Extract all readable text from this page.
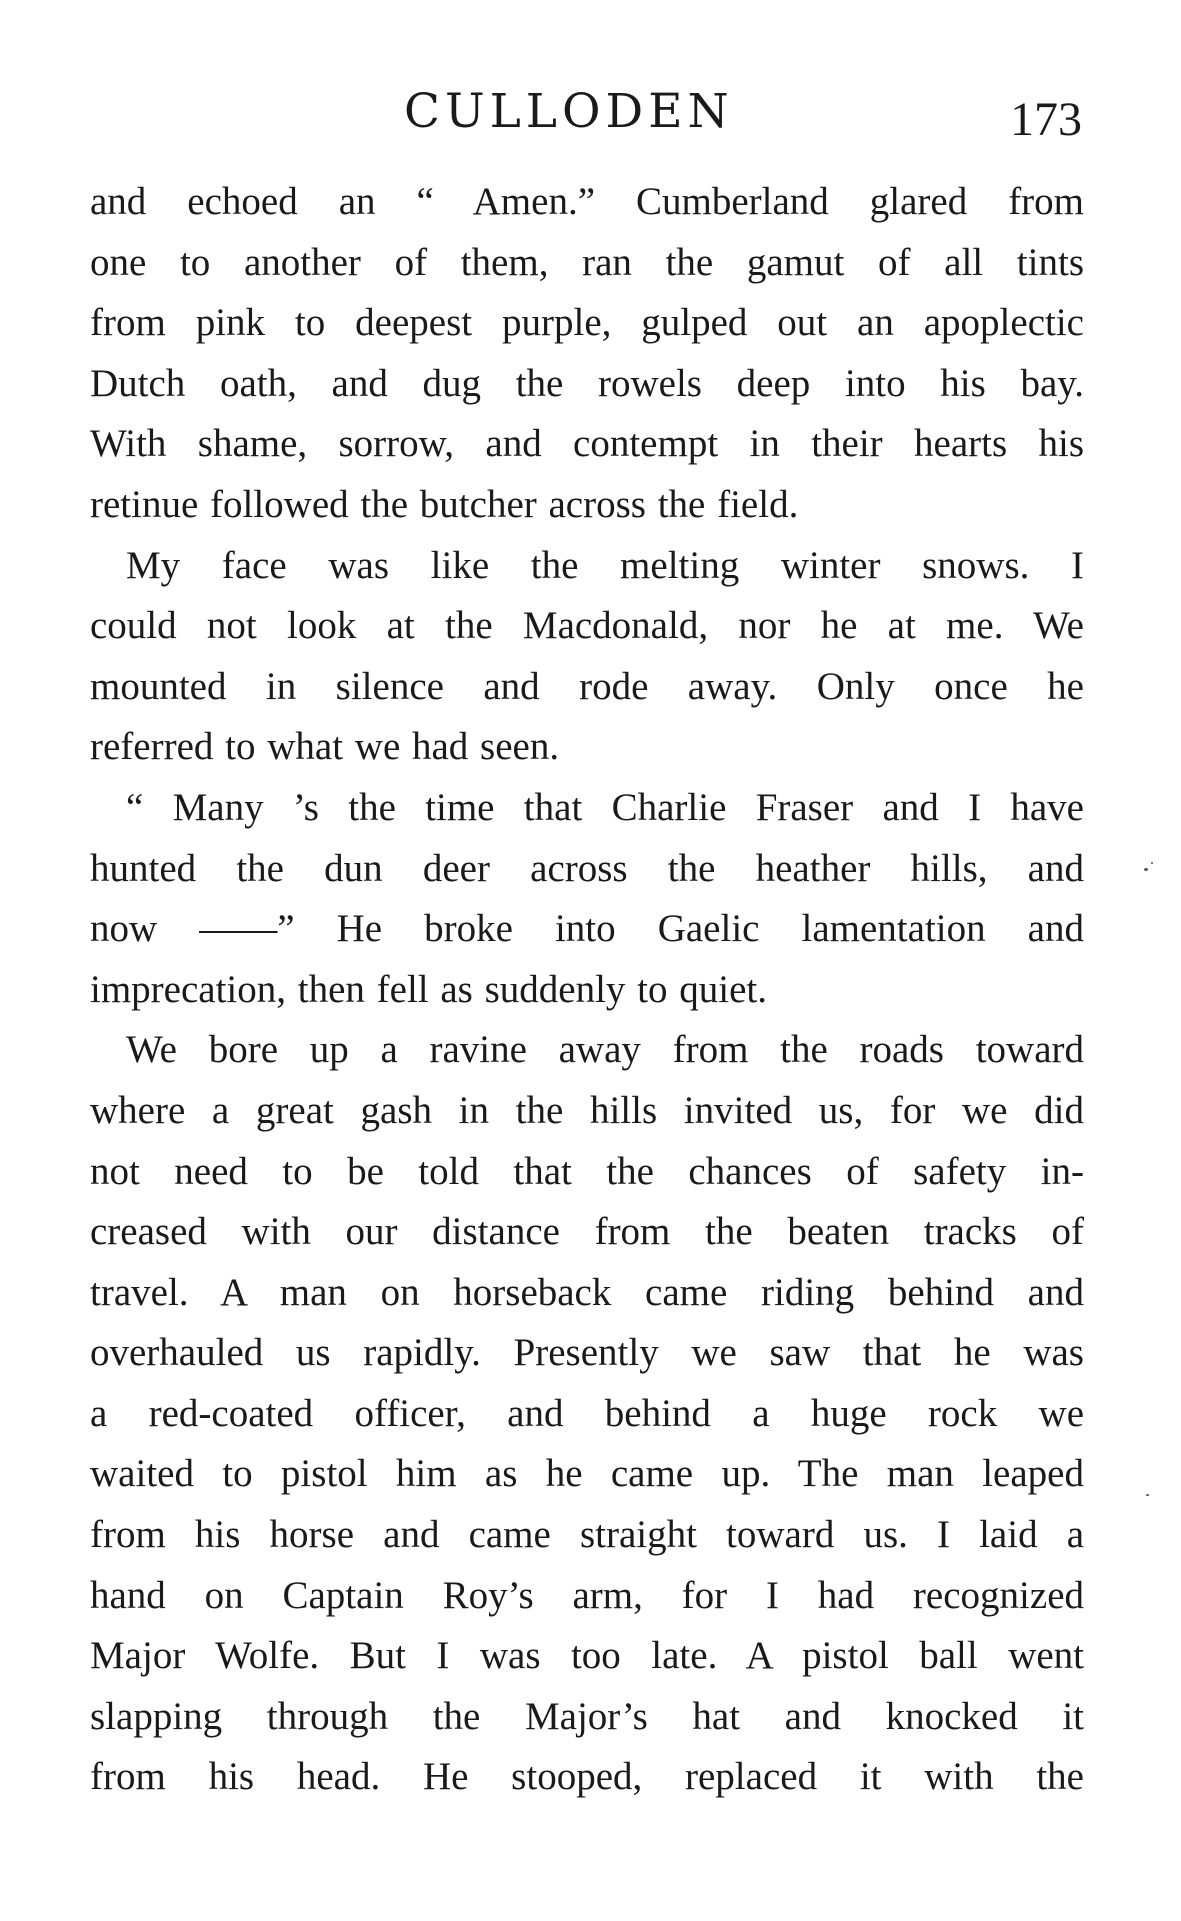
CULLODEN	173
and echoed an “ Amen.” Cumberland glared from
one to another of them, ran the gamut of all tints
from pink to deepest purple, gulped out an apoplectic
Dutch oath, and dug the rowels deep into his bay.
With shame, sorrow, and contempt in their hearts his
retinue followed the butcher across the field.
My face was like the melting winter snows. I
could not look at the Macdonald, nor he at me. We
mounted in silence and rode away. Only once he
referred to what we had seen.
“ Many ’s the time that Charlie Fraser and I have
hunted the dun deer across the heather hills, and
now ——” He broke into Gaelic lamentation and
imprecation, then fell as suddenly to quiet.
We bore up a ravine away from the roads toward
where a great gash in the hills invited us, for we did
not need to be told that the chances of safety in-
creased with our distance from the beaten tracks of
travel. A man on horseback came riding behind and
overhauled us rapidly. Presently we saw that he was
a red-coated officer, and behind a huge rock we
waited to pistol him as he came up. The man leaped
from his horse and came straight toward us. I laid a
hand on Captain Roy’s arm, for I had recognized
Major Wolfe. But I was too late. A pistol ball went
slapping through the Major’s hat and knocked it
from his head. He stooped, replaced it with the
